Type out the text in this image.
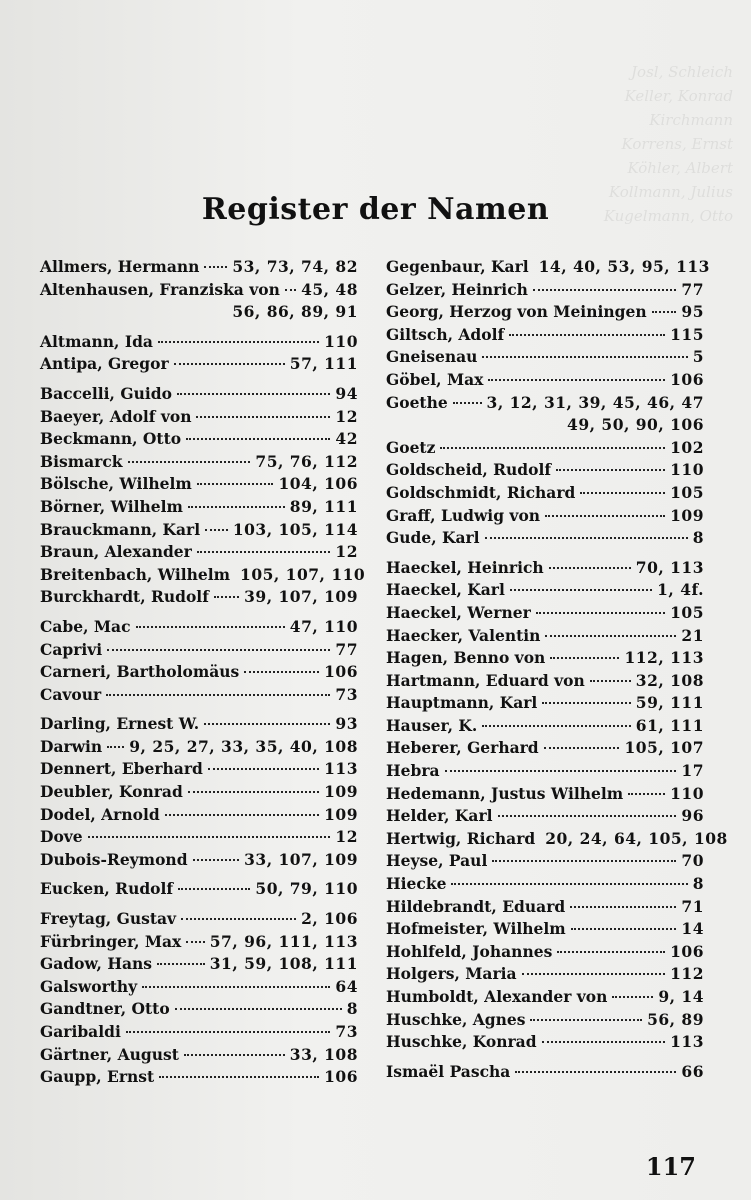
Josl, Schleich
Keller, Konrad
Kirchmann
Korrens, Ernst
Köhler, Albert
Kollmann, Julius
Kugelmann, Otto
Register der Namen
Allmers, Hermann 53, 73, 74, 82
Altenhausen, Franziska von 45, 48
56, 86, 89, 91
Altmann, Ida	110
Antipa, Gregor	57, 111
Baccelli, Guido	94
Baeyer, Adolf von	12
Beckmann, Otto	42
Bismarck	75, 76, 112
Bölsche, Wilhelm	104, 106
Börner, Wilhelm	89, 111
Brauckmann, Karl 103, 105, 114
Braun, Alexander	12
Breitenbach, Wilhelm 105, 107, 110
Burckhardt, Rudolf 39, 107, 109
Cabe, Mac	47, 110
Caprivi	77
Carneri, Bartholomäus	106
Cavour	73
Darling, Ernest W.	93
Darwin 9, 25, 27, 33, 35, 40, 108
Dennert, Eberhard	113
Deubler, Konrad	109
Dodel, Arnold	109
Dove	12
Dubois-Reymond	33, 107, 109
Eucken, Rudolf	50, 79, 110
Freytag, Gustav	2, 106
Fürbringer, Max 57, 96, 111, 113
Gadow, Hans	31, 59, 108, 111
Galsworthy	64
Gandtner, Otto	8
Garibaldi	73
Gärtner, August	33, 108
Gaupp, Ernst	106
Gegenbaur, Karl 14, 40, 53, 95, 113
Gelzer, Heinrich	77
Georg, Herzog von Meiningen 95
Giltsch, Adolf	115
Gneisenau	5
Göbel, Max	106
Goethe	3, 12, 31, 39, 45, 46, 47
49, 50, 90, 106
Goetz	102
Goldscheid, Rudolf	110
Goldschmidt, Richard	105
Graff, Ludwig von	109
Gude, Karl	8
Haeckel, Heinrich	70, 113
Haeckel, Karl	1, 4f.
Haeckel, Werner	105
Haecker, Valentin	21
Hagen, Benno von	112, 113
Hartmann, Eduard von	32, 108
Hauptmann, Karl	59, 111
Hauser, K.	61, 111
Heberer, Gerhard	105, 107
Hebra	17
Hedemann, Justus Wilhelm	110
Helder, Karl	96
Hertwig, Richard 20, 24, 64, 105, 108
Heyse, Paul	70
Hiecke	8
Hildebrandt, Eduard	71
Hofmeister, Wilhelm	14
Hohlfeld, Johannes	106
Holgers, Maria	112
Humboldt, Alexander von	9, 14
Huschke, Agnes	56, 89
Huschke, Konrad	113
Ismaël Pascha	66
117
